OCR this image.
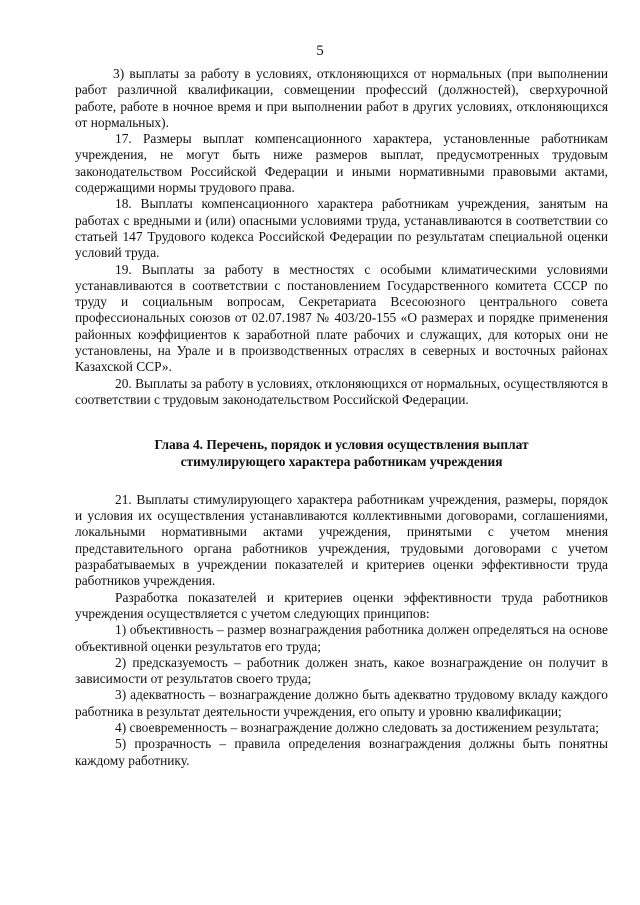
5

3) выплаты за работу в условиях, отклоняющихся от нормальных (при выполнении работ различной квалификации, совмещении профессий (должностей), сверхурочной работе, работе в ночное время и при выполнении работ в других условиях, отклоняющихся от нормальных).

17. Размеры выплат компенсационного характера, установленные работникам учреждения, не могут быть ниже размеров выплат, предусмотренных трудовым законодательством Российской Федерации и иными нормативными правовыми актами, содержащими нормы трудового права.

18. Выплаты компенсационного характера работникам учреждения, занятым на работах с вредными и (или) опасными условиями труда, устанавливаются в соответствии со статьей 147 Трудового кодекса Российской Федерации по результатам специальной оценки условий труда.

19. Выплаты за работу в местностях с особыми климатическими условиями устанавливаются в соответствии с постановлением Государственного комитета СССР по труду и социальным вопросам, Секретариата Всесоюзного центрального совета профессиональных союзов от 02.07.1987 № 403/20-155 «О размерах и порядке применения районных коэффициентов к заработной плате рабочих и служащих, для которых они не установлены, на Урале и в производственных отраслях в северных и восточных районах Казахской ССР».

20. Выплаты за работу в условиях, отклоняющихся от нормальных, осуществляются в соответствии с трудовым законодательством Российской Федерации.

Глава 4. Перечень, порядок и условия осуществления выплат
стимулирующего характера работникам учреждения

21. Выплаты стимулирующего характера работникам учреждения, размеры, порядок и условия их осуществления устанавливаются коллективными договорами, соглашениями, локальными нормативными актами учреждения, принятыми с учетом мнения представительного органа работников учреждения, трудовыми договорами с учетом разрабатываемых в учреждении показателей и критериев оценки эффективности труда работников учреждения.

Разработка показателей и критериев оценки эффективности труда работников учреждения осуществляется с учетом следующих принципов:

1) объективность – размер вознаграждения работника должен определяться на основе объективной оценки результатов его труда;

2) предсказуемость – работник должен знать, какое вознаграждение он получит в зависимости от результатов своего труда;

3) адекватность – вознаграждение должно быть адекватно трудовому вкладу каждого работника в результат деятельности учреждения, его опыту и уровню квалификации;

4) своевременность – вознаграждение должно следовать за достижением результата;

5) прозрачность – правила определения вознаграждения должны быть понятны каждому работнику.
